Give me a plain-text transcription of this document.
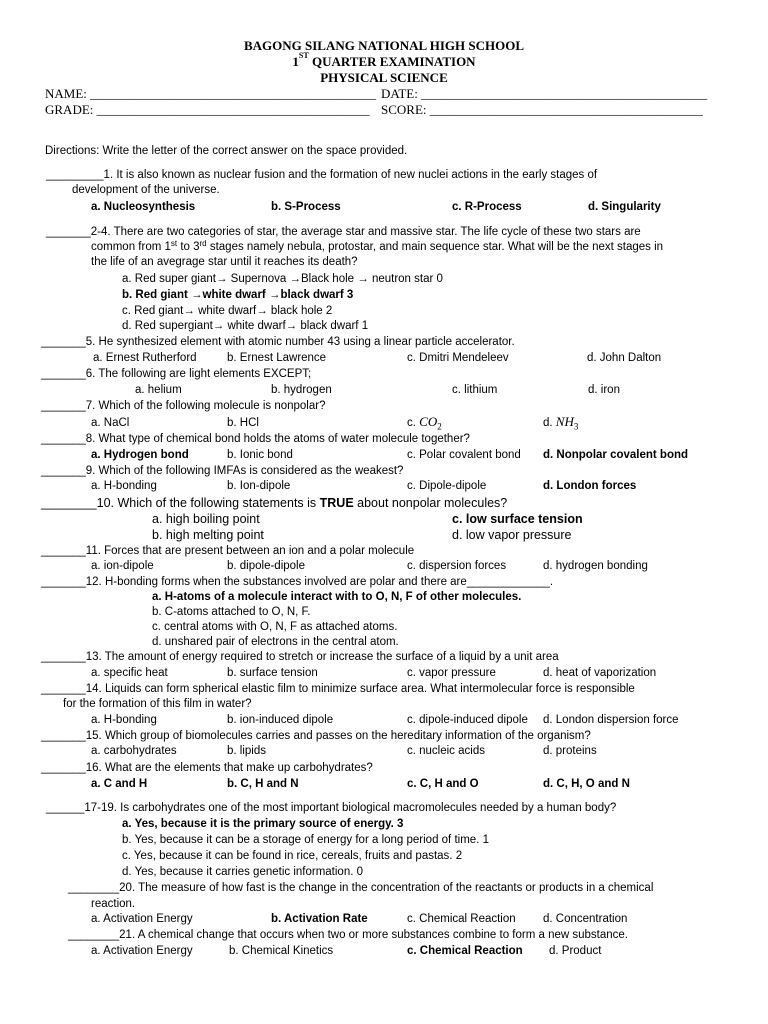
BAGONG SILANG NATIONAL HIGH SCHOOL
1ST QUARTER EXAMINATION
PHYSICAL SCIENCE
NAME: ____________________________________________ DATE: ____________________________________________
GRADE: __________________________________________ SCORE: __________________________________________
Directions: Write the letter of the correct answer on the space provided.
_________1. It is also known as nuclear fusion and the formation of new nuclei actions in the early stages of
development of the universe.
a. Nucleosynthesis	b. S-Process	c. R-Process	d. Singularity
_______2-4. There are two categories of star, the average star and massive star. The life cycle of these two stars are
common from 1st to 3rd stages namely nebula, protostar, and main sequence star. What will be the next stages in
the life of an avegrage star until it reaches its death?
a. Red super giant→ Supernova →Black hole → neutron star 0
b. Red giant →white dwarf →black dwarf 3
c. Red giant→ white dwarf→ black hole 2
d. Red supergiant→ white dwarf→ black dwarf 1
_______5. He synthesized element with atomic number 43 using a linear particle accelerator.
a. Ernest Rutherford	b. Ernest Lawrence	c. Dmitri Mendeleev	d. John Dalton
_______6. The following are light elements EXCEPT;
a. helium	b. hydrogen	c. lithium	d. iron
_______7. Which of the following molecule is nonpolar?
a. NaCl	b. HCl	c. $CO_2$	d. $NH_3$
_______8. What type of chemical bond holds the atoms of water molecule together?
a. Hydrogen bond	b. Ionic bond	c. Polar covalent bond d. Nonpolar covalent bond
_______9. Which of the following IMFAs is considered as the weakest?
a. H-bonding	b. Ion-dipole	c. Dipole-dipole	d. London forces
________10. Which of the following statements is TRUE about nonpolar molecules?
a. high boiling point	c. low surface tension
b. high melting point	d. low vapor pressure
_______11. Forces that are present between an ion and a polar molecule
a. ion-dipole	b. dipole-dipole	c. dispersion forces	d. hydrogen bonding
_______12. H-bonding forms when the substances involved are polar and there are_____________.
a. H-atoms of a molecule interact with to O, N, F of other molecules.
b. C-atoms attached to O, N, F.
c. central atoms with O, N, F as attached atoms.
d. unshared pair of electrons in the central atom.
_______13. The amount of energy required to stretch or increase the surface of a liquid by a unit area
a. specific heat	b. surface tension	c. vapor pressure	d. heat of vaporization
_______14. Liquids can form spherical elastic film to minimize surface area. What intermolecular force is responsible
for the formation of this film in water?
a. H-bonding	b. ion-induced dipole	c. dipole-induced dipole d. London dispersion force
_______15. Which group of biomolecules carries and passes on the hereditary information of the organism?
a. carbohydrates	b. lipids	c. nucleic acids	d. proteins
_______16. What are the elements that make up carbohydrates?
a. C and H	b. C, H and N	c. C, H and O	d. C, H, O and N
______17-19. Is carbohydrates one of the most important biological macromolecules needed by a human body?
a. Yes, because it is the primary source of energy. 3
b. Yes, because it can be a storage of energy for a long period of time. 1
c. Yes, because it can be found in rice, cereals, fruits and pastas. 2
d. Yes, because it carries genetic information. 0
________20. The measure of how fast is the change in the concentration of the reactants or products in a chemical
reaction.
a. Activation Energy	b. Activation Rate	c. Chemical Reaction d. Concentration
________21. A chemical change that occurs when two or more substances combine to form a new substance.
a. Activation Energy	b. Chemical Kinetics	c. Chemical Reaction d. Product
